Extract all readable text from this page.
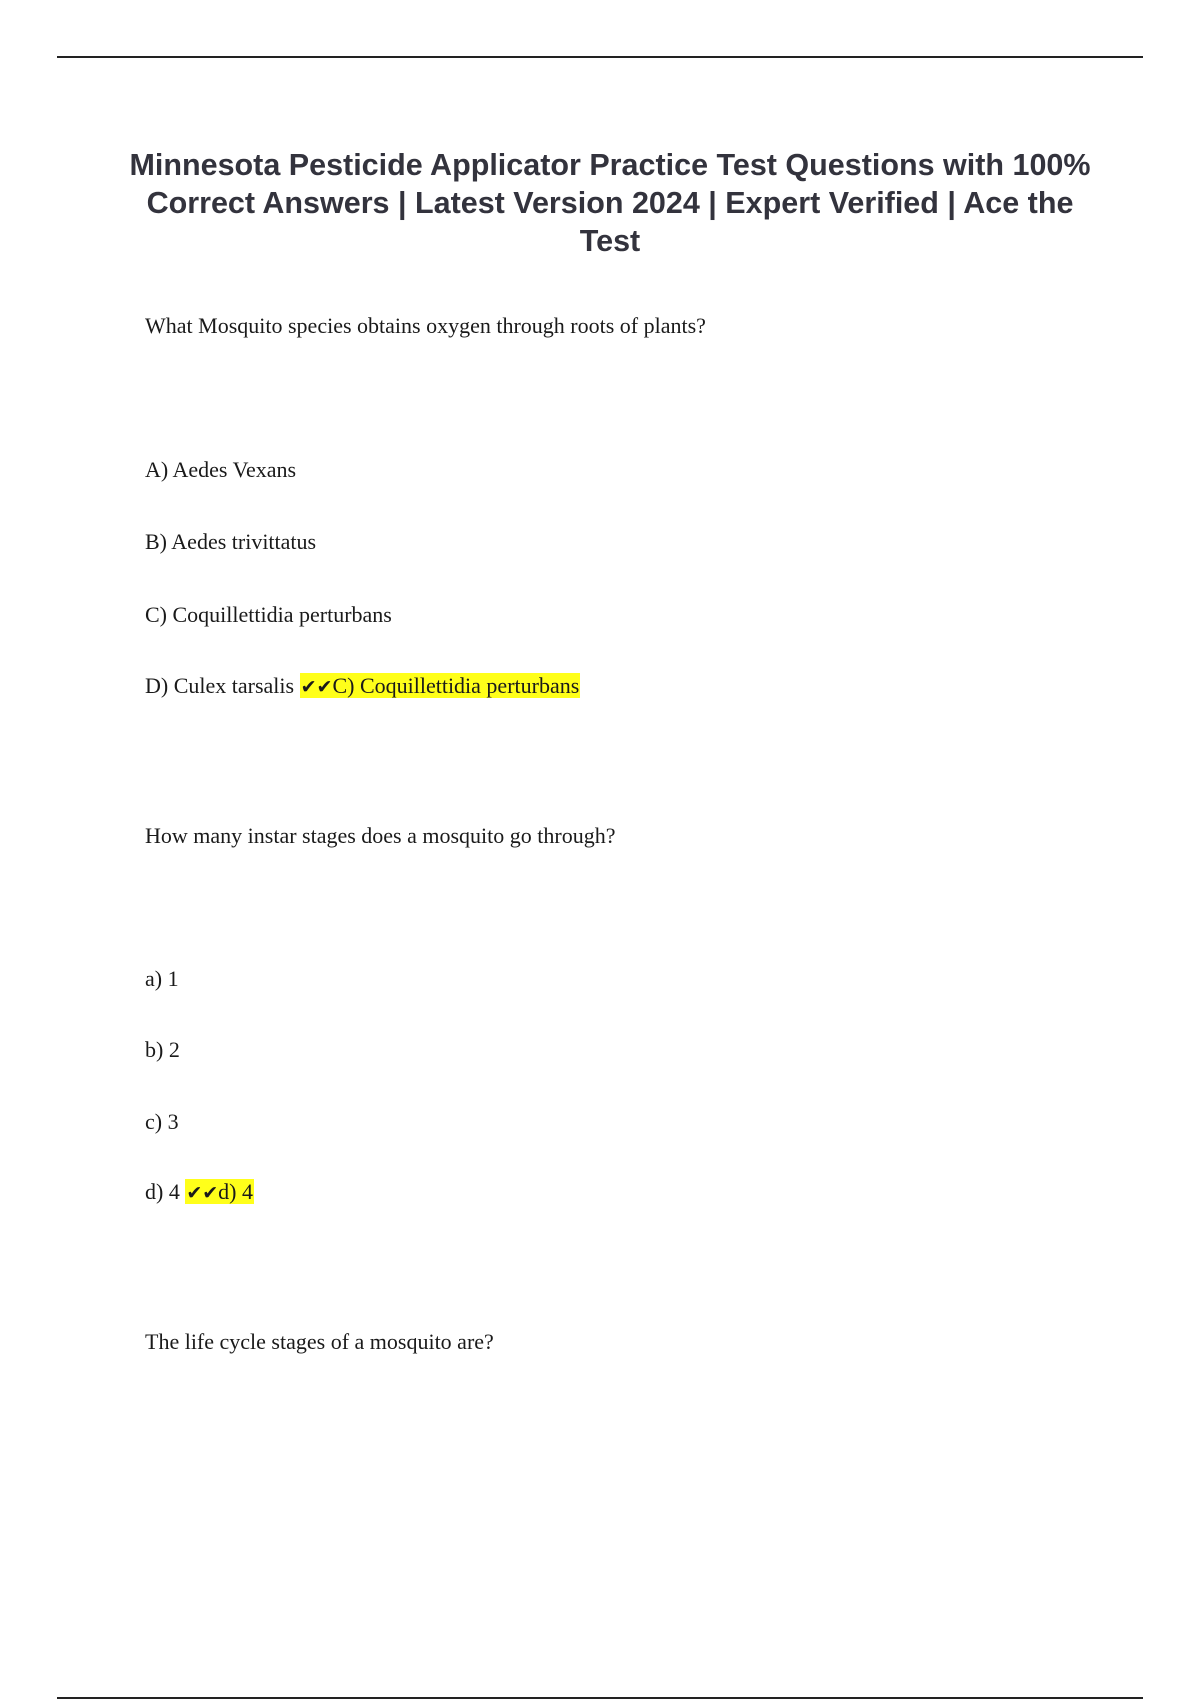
Minnesota Pesticide Applicator Practice Test Questions with 100% Correct Answers | Latest Version 2024 | Expert Verified | Ace the Test

What Mosquito species obtains oxygen through roots of plants?

A) Aedes Vexans

B) Aedes trivittatus

C) Coquillettidia perturbans

D) Culex tarsalis ✔✔C) Coquillettidia perturbans

How many instar stages does a mosquito go through?

a) 1

b) 2

c) 3

d) 4 ✔✔d) 4

The life cycle stages of a mosquito are?
